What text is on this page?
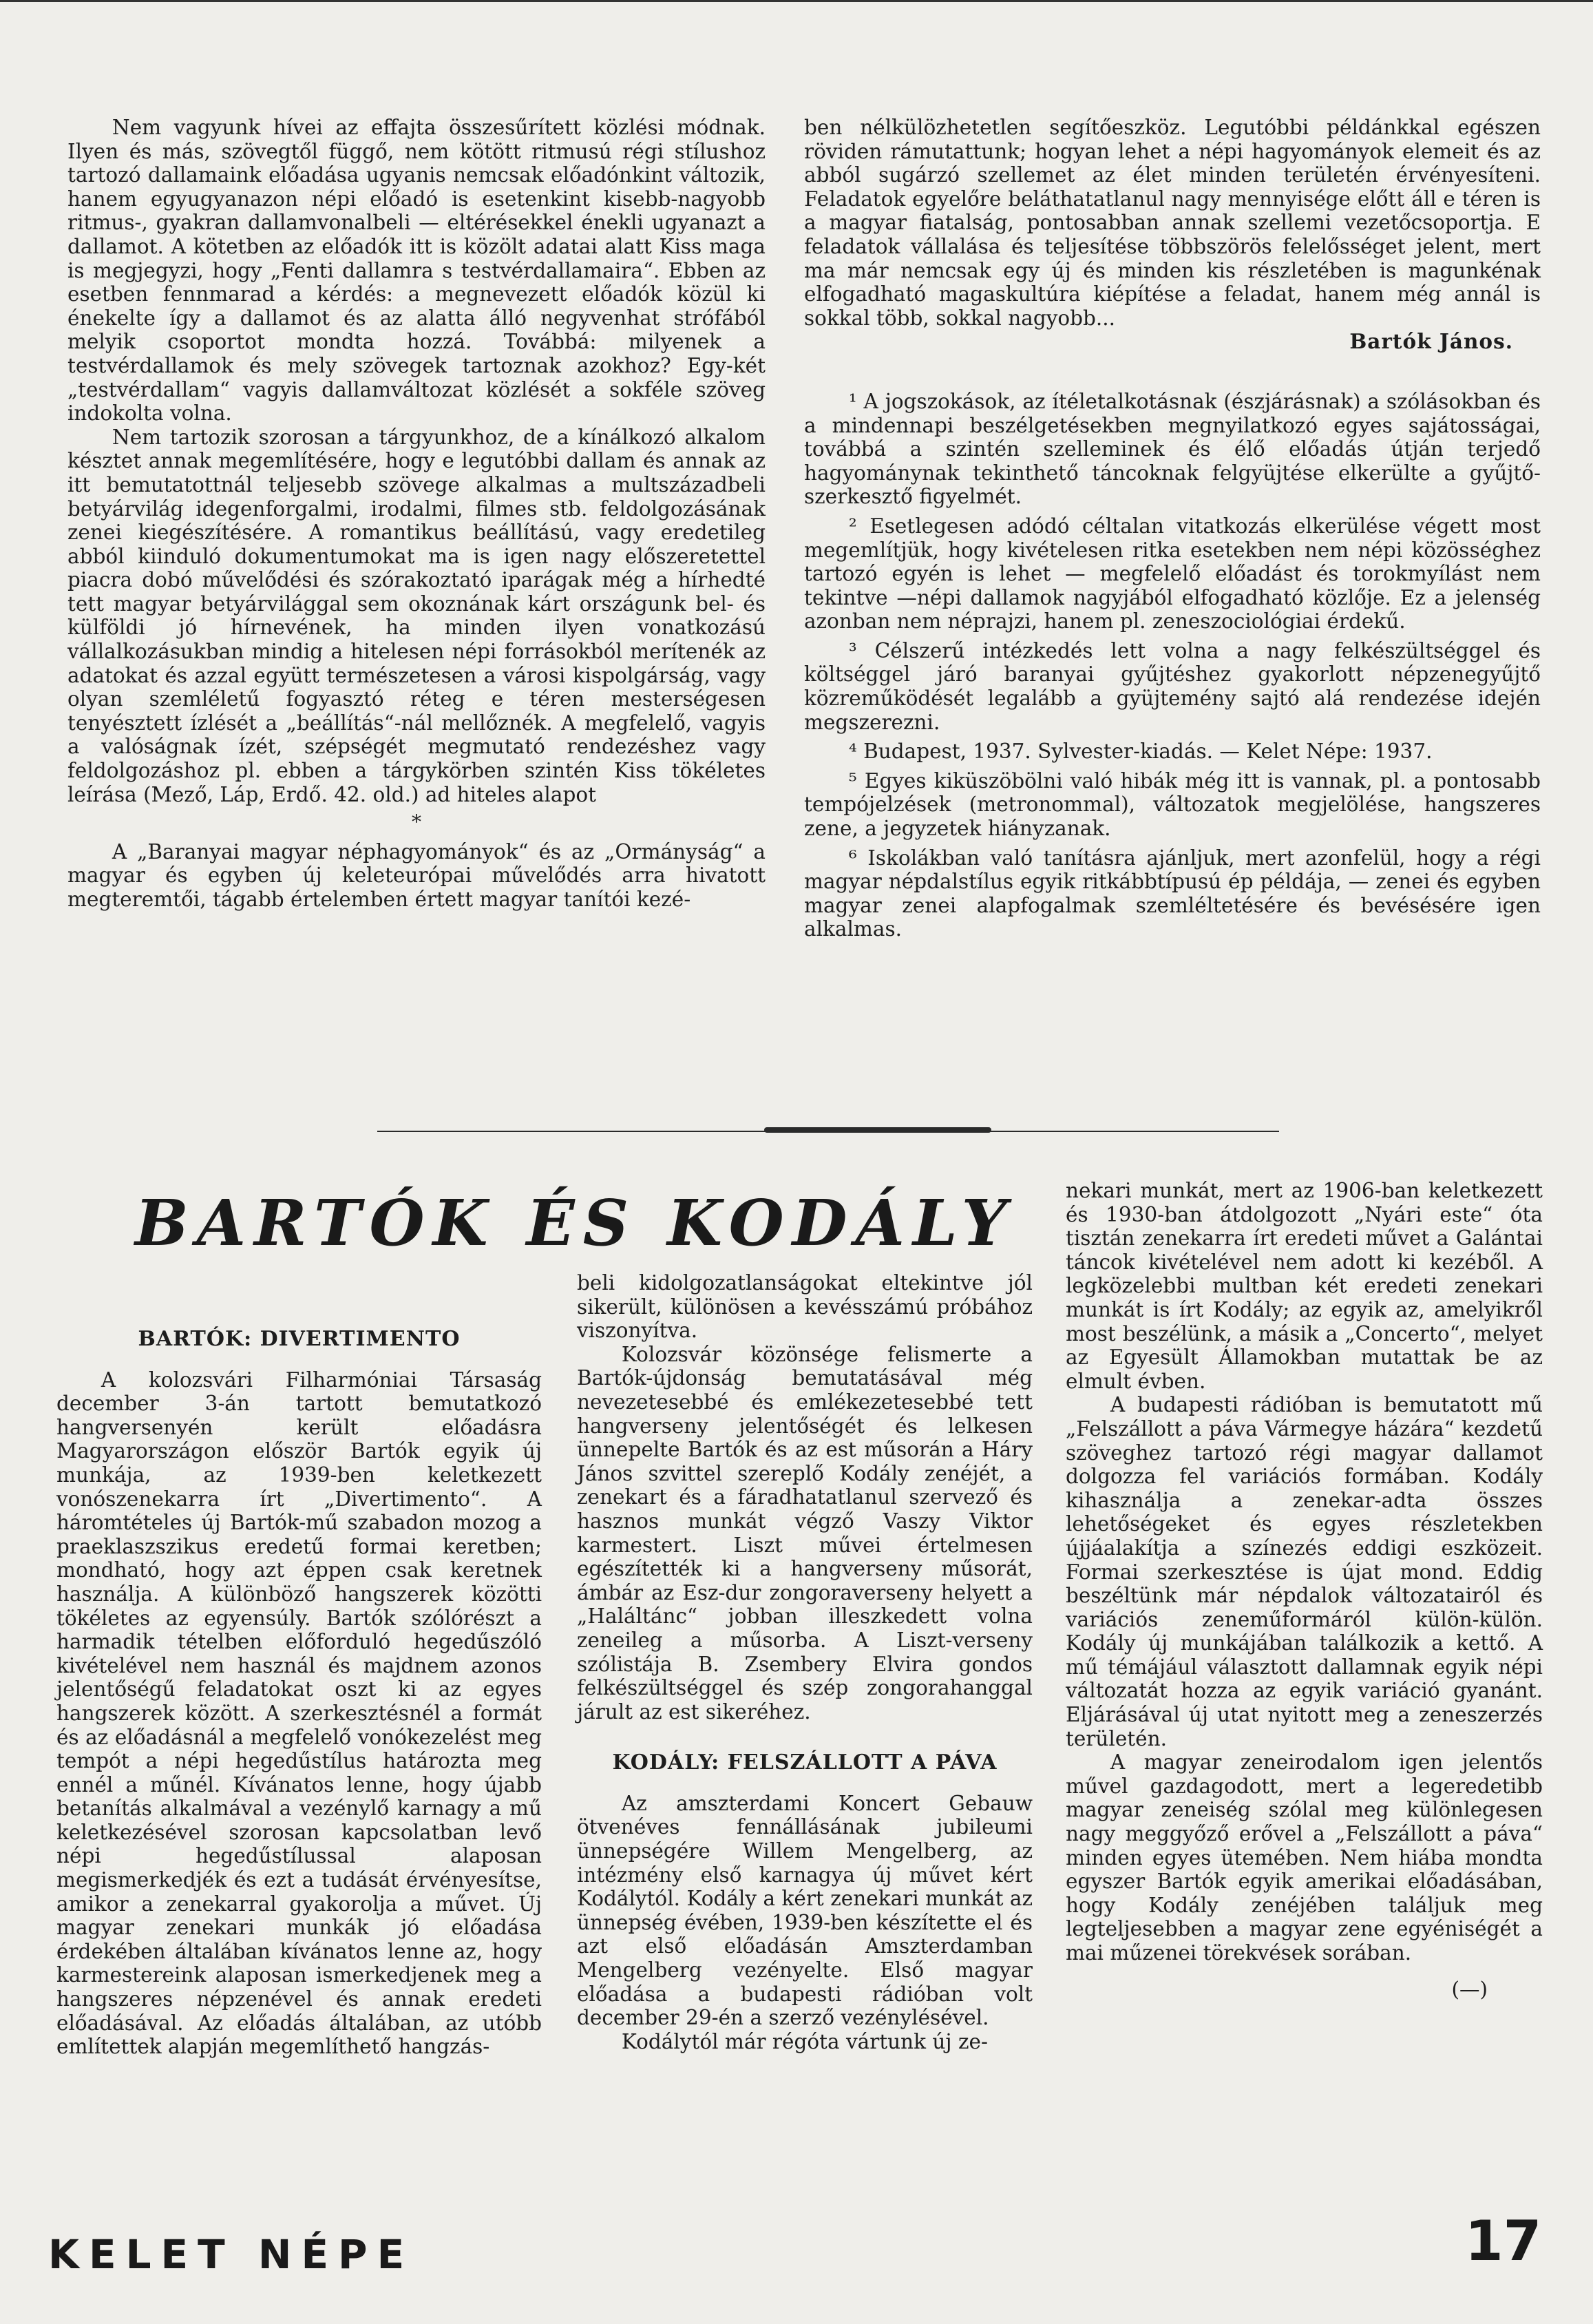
Nem vagyunk hívei az effajta összesűrített közlési módnak. Ilyen és más, szövegtől függő, nem kötött ritmusú régi stílushoz tartozó dallamaink előadása ugyanis nemcsak előadónkint változik, hanem egyugyanazon népi előadó is esetenkint kisebb-nagyobb ritmus-, gyakran dallamvonalbeli — eltérésekkel énekli ugyanazt a dallamot. A kötetben az előadók itt is közölt adatai alatt Kiss maga is megjegyzi, hogy „Fenti dallamra s testvérdallamaira“. Ebben az esetben fennmarad a kérdés: a megnevezett előadók közül ki énekelte így a dallamot és az alatta álló negyvenhat strófából melyik csoportot mondta hozzá. Továbbá: milyenek a testvérdallamok és mely szövegek tartoznak azokhoz? Egy-két „testvérdallam“ vagyis dallamváltozat közlését a sokféle szöveg indokolta volna.

Nem tartozik szorosan a tárgyunkhoz, de a kínálkozó alkalom késztet annak megemlítésére, hogy e legutóbbi dallam és annak az itt bemutatottnál teljesebb szövege alkalmas a multszázadbeli betyárvilág idegenforgalmi, irodalmi, filmes stb. feldolgozásának zenei kiegészítésére. A romantikus beállítású, vagy eredetileg abból kiinduló dokumentumokat ma is igen nagy előszeretettel piacra dobó művelődési és szórakoztató iparágak még a hírhedté tett magyar betyárvilággal sem okoznának kárt országunk bel- és külföldi jó hírnevének, ha minden ilyen vonatkozású vállalkozásukban mindig a hitelesen népi forrásokból merítenék az adatokat és azzal együtt természetesen a városi kispolgárság, vagy olyan szemléletű fogyasztó réteg e téren mesterségesen tenyésztett ízlését a „beállítás“-nál mellőznék. A megfelelő, vagyis a valóságnak ízét, szépségét megmutató rendezéshez vagy feldolgozáshoz pl. ebben a tárgykörben szintén Kiss tökéletes leírása (Mező, Láp, Erdő. 42. old.) ad hiteles alapot

*

A „Baranyai magyar néphagyományok“ és az „Ormányság“ a magyar és egyben új keleteurópai művelődés arra hivatott megteremtői, tágabb értelemben értett magyar tanítói kezé-

ben nélkülözhetetlen segítőeszköz. Legutóbbi példánkkal egészen röviden rámutattunk; hogyan lehet a népi hagyományok elemeit és az abból sugárzó szellemet az élet minden területén érvényesíteni. Feladatok egyelőre beláthatatlanul nagy mennyisége előtt áll e téren is a magyar fiatalság, pontosabban annak szellemi vezetőcsoportja. E feladatok vállalása és teljesítése többszörös felelősséget jelent, mert ma már nemcsak egy új és minden kis részletében is magunkénak elfogadható magaskultúra kiépítése a feladat, hanem még annál is sokkal több, sokkal nagyobb...

Bartók János.

¹ A jogszokások, az ítéletalkotásnak (észjárásnak) a szólásokban és a mindennapi beszélgetésekben megnyilatkozó egyes sajátosságai, továbbá a szintén szelleminek és élő előadás útján terjedő hagyománynak tekinthető táncoknak felgyüjtése elkerülte a gyűjtő-szerkesztő figyelmét.

² Esetlegesen adódó céltalan vitatkozás elkerülése végett most megemlítjük, hogy kivételesen ritka esetekben nem népi közösséghez tartozó egyén is lehet — megfelelő előadást és torokmyílást nem tekintve —népi dallamok nagyjából elfogadható közlője. Ez a jelenség azonban nem néprajzi, hanem pl. zeneszociológiai érdekű.

³ Célszerű intézkedés lett volna a nagy felkészültséggel és költséggel járó baranyai gyűjtéshez gyakorlott népzenegyűjtő közreműködését legalább a gyüjtemény sajtó alá rendezése idején megszerezni.

⁴ Budapest, 1937. Sylvester-kiadás. — Kelet Népe: 1937.

⁵ Egyes kiküszöbölni való hibák még itt is vannak, pl. a pontosabb tempójelzések (metronommal), változatok megjelölése, hangszeres zene, a jegyzetek hiányzanak.

⁶ Iskolákban való tanításra ajánljuk, mert azonfelül, hogy a régi magyar népdalstílus egyik ritkábbtípusú ép példája, — zenei és egyben magyar zenei alapfogalmak szemléltetésére és bevésésére igen alkalmas.

BARTÓK ÉS KODÁLY
BARTÓK: DIVERTIMENTO

A kolozsvári Filharmóniai Társaság december 3-án tartott bemutatkozó hangversenyén került előadásra Magyarországon először Bartók egyik új munkája, az 1939-ben keletkezett vonószenekarra írt „Divertimento“. A háromtételes új Bartók-mű szabadon mozog a praeklaszszikus eredetű formai keretben; mondható, hogy azt éppen csak keretnek használja. A különböző hangszerek közötti tökéletes az egyensúly. Bartók szólórészt a harmadik tételben előforduló hegedűszóló kivételével nem használ és majdnem azonos jelentőségű feladatokat oszt ki az egyes hangszerek között. A szerkesztésnél a formát és az előadásnál a megfelelő vonókezelést meg tempót a népi hegedűstílus határozta meg ennél a műnél. Kívánatos lenne, hogy újabb betanítás alkalmával a vezénylő karnagy a mű keletkezésével szorosan kapcsolatban levő népi hegedűstílussal alaposan megismerkedjék és ezt a tudását érvényesítse, amikor a zenekarral gyakorolja a művet. Új magyar zenekari munkák jó előadása érdekében általában kívánatos lenne az, hogy karmestereink alaposan ismerkedjenek meg a hangszeres népzenével és annak eredeti előadásával. Az előadás általában, az utóbb említettek alapján megemlíthető hangzás-

beli kidolgozatlanságokat eltekintve jól sikerült, különösen a kevésszámú próbához viszonyítva.

Kolozsvár közönsége felismerte a Bartók-újdonság bemutatásával még nevezetesebbé és emlékezetesebbé tett hangverseny jelentőségét és lelkesen ünnepelte Bartók és az est műsorán a Háry János szvittel szereplő Kodály zenéjét, a zenekart és a fáradhatatlanul szervező és hasznos munkát végző Vaszy Viktor karmestert. Liszt művei értelmesen egészítették ki a hangverseny műsorát, ámbár az Esz-dur zongoraverseny helyett a „Haláltánc“ jobban illeszkedett volna zeneileg a műsorba. A Liszt-verseny szólistája B. Zsembery Elvira gondos felkészültséggel és szép zongorahanggal járult az est sikeréhez.

KODÁLY: FELSZÁLLOTT A PÁVA

Az amszterdami Koncert Gebauw ötvenéves fennállásának jubileumi ünnepségére Willem Mengelberg, az intézmény első karnagya új művet kért Kodálytól. Kodály a kért zenekari munkát az ünnepség évében, 1939-ben készítette el és azt első előadásán Amszterdamban Mengelberg vezényelte. Első magyar előadása a budapesti rádióban volt december 29-én a szerző vezénylésével.

Kodálytól már régóta vártunk új ze-

nekari munkát, mert az 1906-ban keletkezett és 1930-ban átdolgozott „Nyári este“ óta tisztán zenekarra írt eredeti művet a Galántai táncok kivételével nem adott ki kezéből. A legközelebbi multban két eredeti zenekari munkát is írt Kodály; az egyik az, amelyikről most beszélünk, a másik a „Concerto“, melyet az Egyesült Államokban mutattak be az elmult évben.

A budapesti rádióban is bemutatott mű „Felszállott a páva Vármegye házára“ kezdetű szöveghez tartozó régi magyar dallamot dolgozza fel variációs formában. Kodály kihasználja a zenekar-adta összes lehetőségeket és egyes részletekben újjáalakítja a színezés eddigi eszközeit. Formai szerkesztése is újat mond. Eddig beszéltünk már népdalok változatairól és variációs zeneműformáról külön-külön. Kodály új munkájában találkozik a kettő. A mű témájául választott dallamnak egyik népi változatát hozza az egyik variáció gyanánt. Eljárásával új utat nyitott meg a zeneszerzés területén.

A magyar zeneirodalom igen jelentős művel gazdagodott, mert a legeredetibb magyar zeneiség szólal meg különlegesen nagy meggyőző erővel a „Felszállott a páva“ minden egyes ütemében. Nem hiába mondta egyszer Bartók egyik amerikai előadásában, hogy Kodály zenéjében találjuk meg legteljesebben a magyar zene egyéniségét a mai műzenei törekvések sorában.

(—)
KELET NÉPE	17
